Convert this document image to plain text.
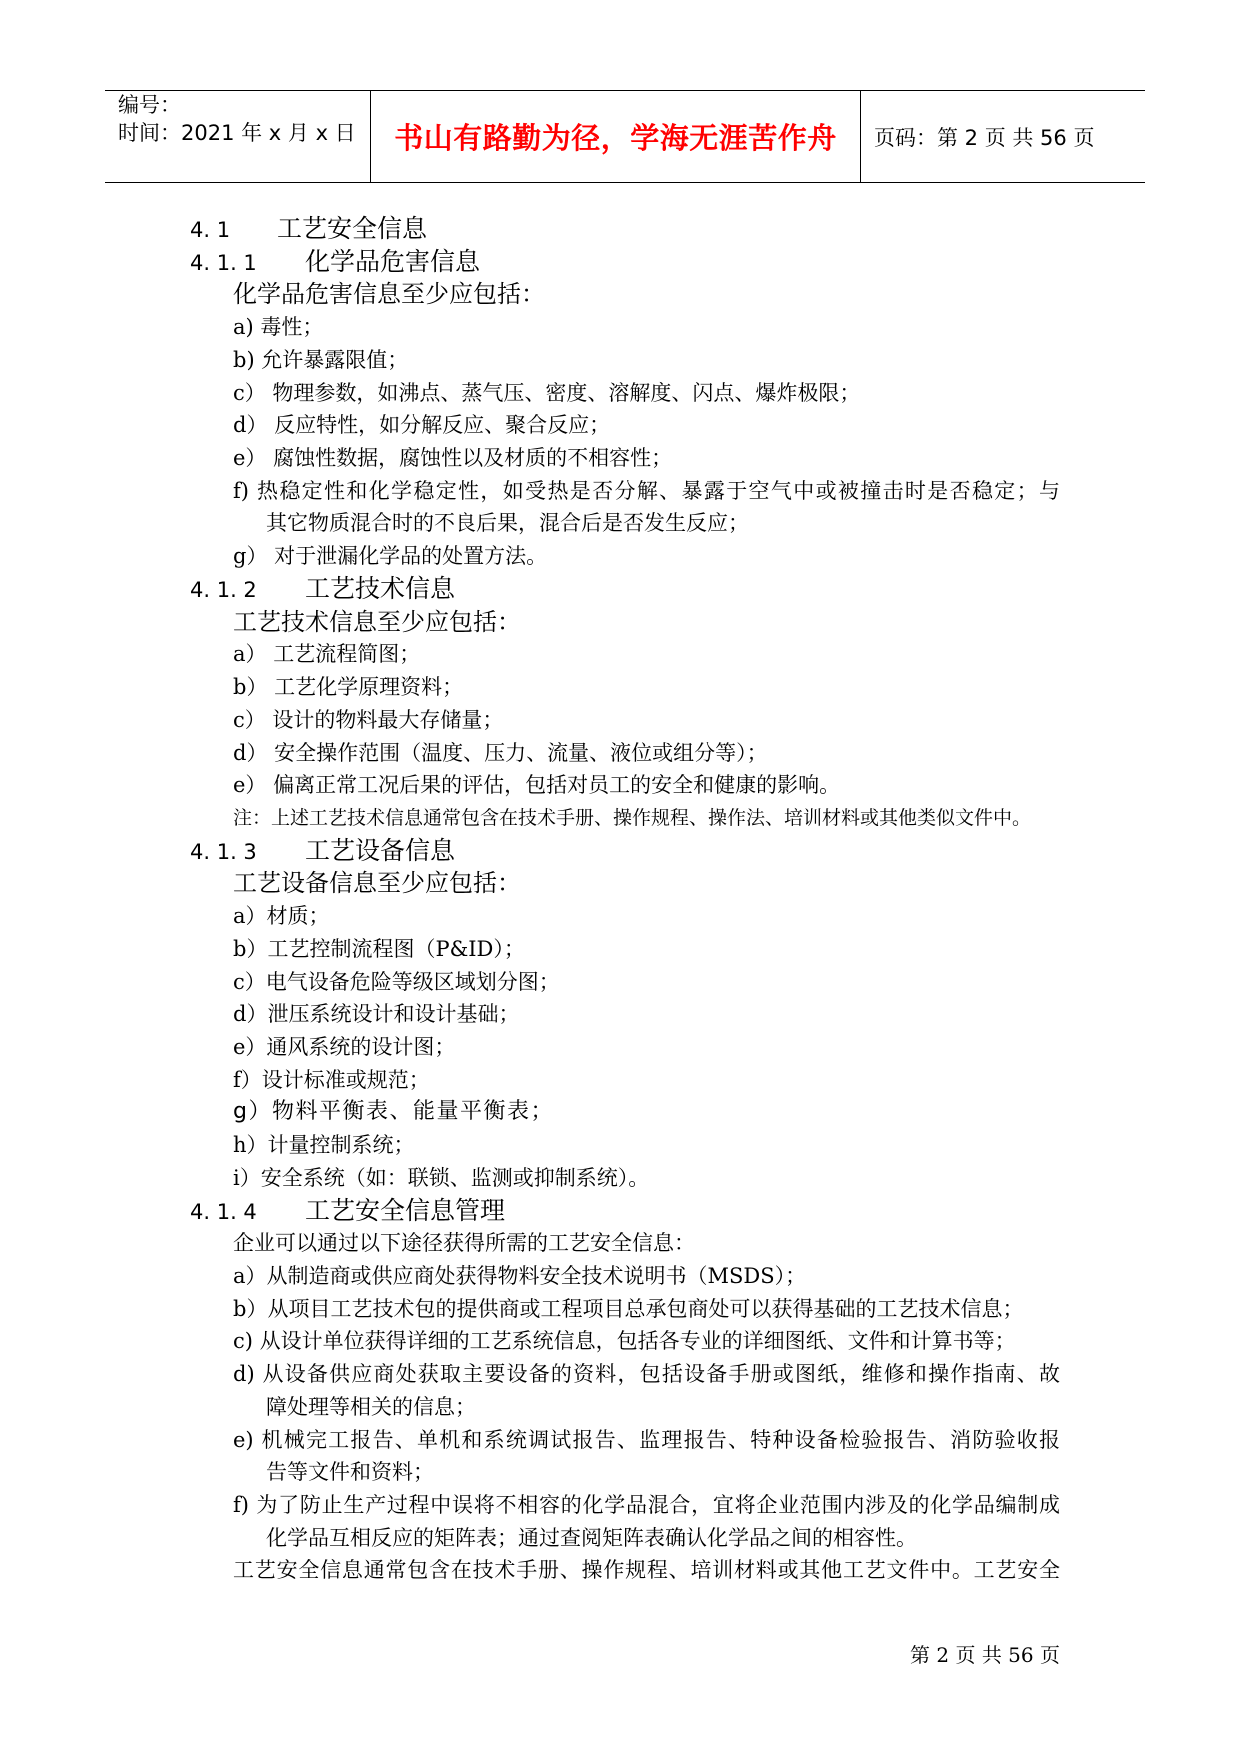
编号：
时间：2021 年 x 月 x 日	书山有路勤为径，学海无涯苦作舟 页码：第 2 页 共 56 页
4. 1 工艺安全信息
4. 1. 1 化学品危害信息
化学品危害信息至少应包括：
a) 毒性；
b) 允许暴露限值；
c） 物理参数，如沸点、蒸气压、密度、溶解度、闪点、爆炸极限；
d） 反应特性，如分解反应、聚合反应；
e） 腐蚀性数据，腐蚀性以及材质的不相容性；
f) 热稳定性和化学稳定性，如受热是否分解、暴露于空气中或被撞击时是否稳定；与
其它物质混合时的不良后果，混合后是否发生反应；
g） 对于泄漏化学品的处置方法。
4. 1. 2 工艺技术信息
工艺技术信息至少应包括：
a） 工艺流程简图；
b） 工艺化学原理资料；
c） 设计的物料最大存储量；
d） 安全操作范围（温度、压力、流量、液位或组分等）；
e） 偏离正常工况后果的评估，包括对员工的安全和健康的影响。
注：上述工艺技术信息通常包含在技术手册、操作规程、操作法、培训材料或其他类似文件中。
4. 1. 3 工艺设备信息
工艺设备信息至少应包括：
a）材质；
b）工艺控制流程图（P&ID）；
c）电气设备危险等级区域划分图；
d）泄压系统设计和设计基础；
e）通风系统的设计图；
f）设计标准或规范；
g）物料平衡表、能量平衡表；
h）计量控制系统；
i）安全系统（如：联锁、监测或抑制系统）。
4. 1. 4 工艺安全信息管理
企业可以通过以下途径获得所需的工艺安全信息：
a）从制造商或供应商处获得物料安全技术说明书（MSDS）；
b）从项目工艺技术包的提供商或工程项目总承包商处可以获得基础的工艺技术信息；
c) 从设计单位获得详细的工艺系统信息，包括各专业的详细图纸、文件和计算书等；
d) 从设备供应商处获取主要设备的资料，包括设备手册或图纸，维修和操作指南、故
障处理等相关的信息；
e) 机械完工报告、单机和系统调试报告、监理报告、特种设备检验报告、消防验收报
告等文件和资料；
f) 为了防止生产过程中误将不相容的化学品混合，宜将企业范围内涉及的化学品编制成
化学品互相反应的矩阵表；通过查阅矩阵表确认化学品之间的相容性。
工艺安全信息通常包含在技术手册、操作规程、培训材料或其他工艺文件中。工艺安全
第 2 页 共 56 页
